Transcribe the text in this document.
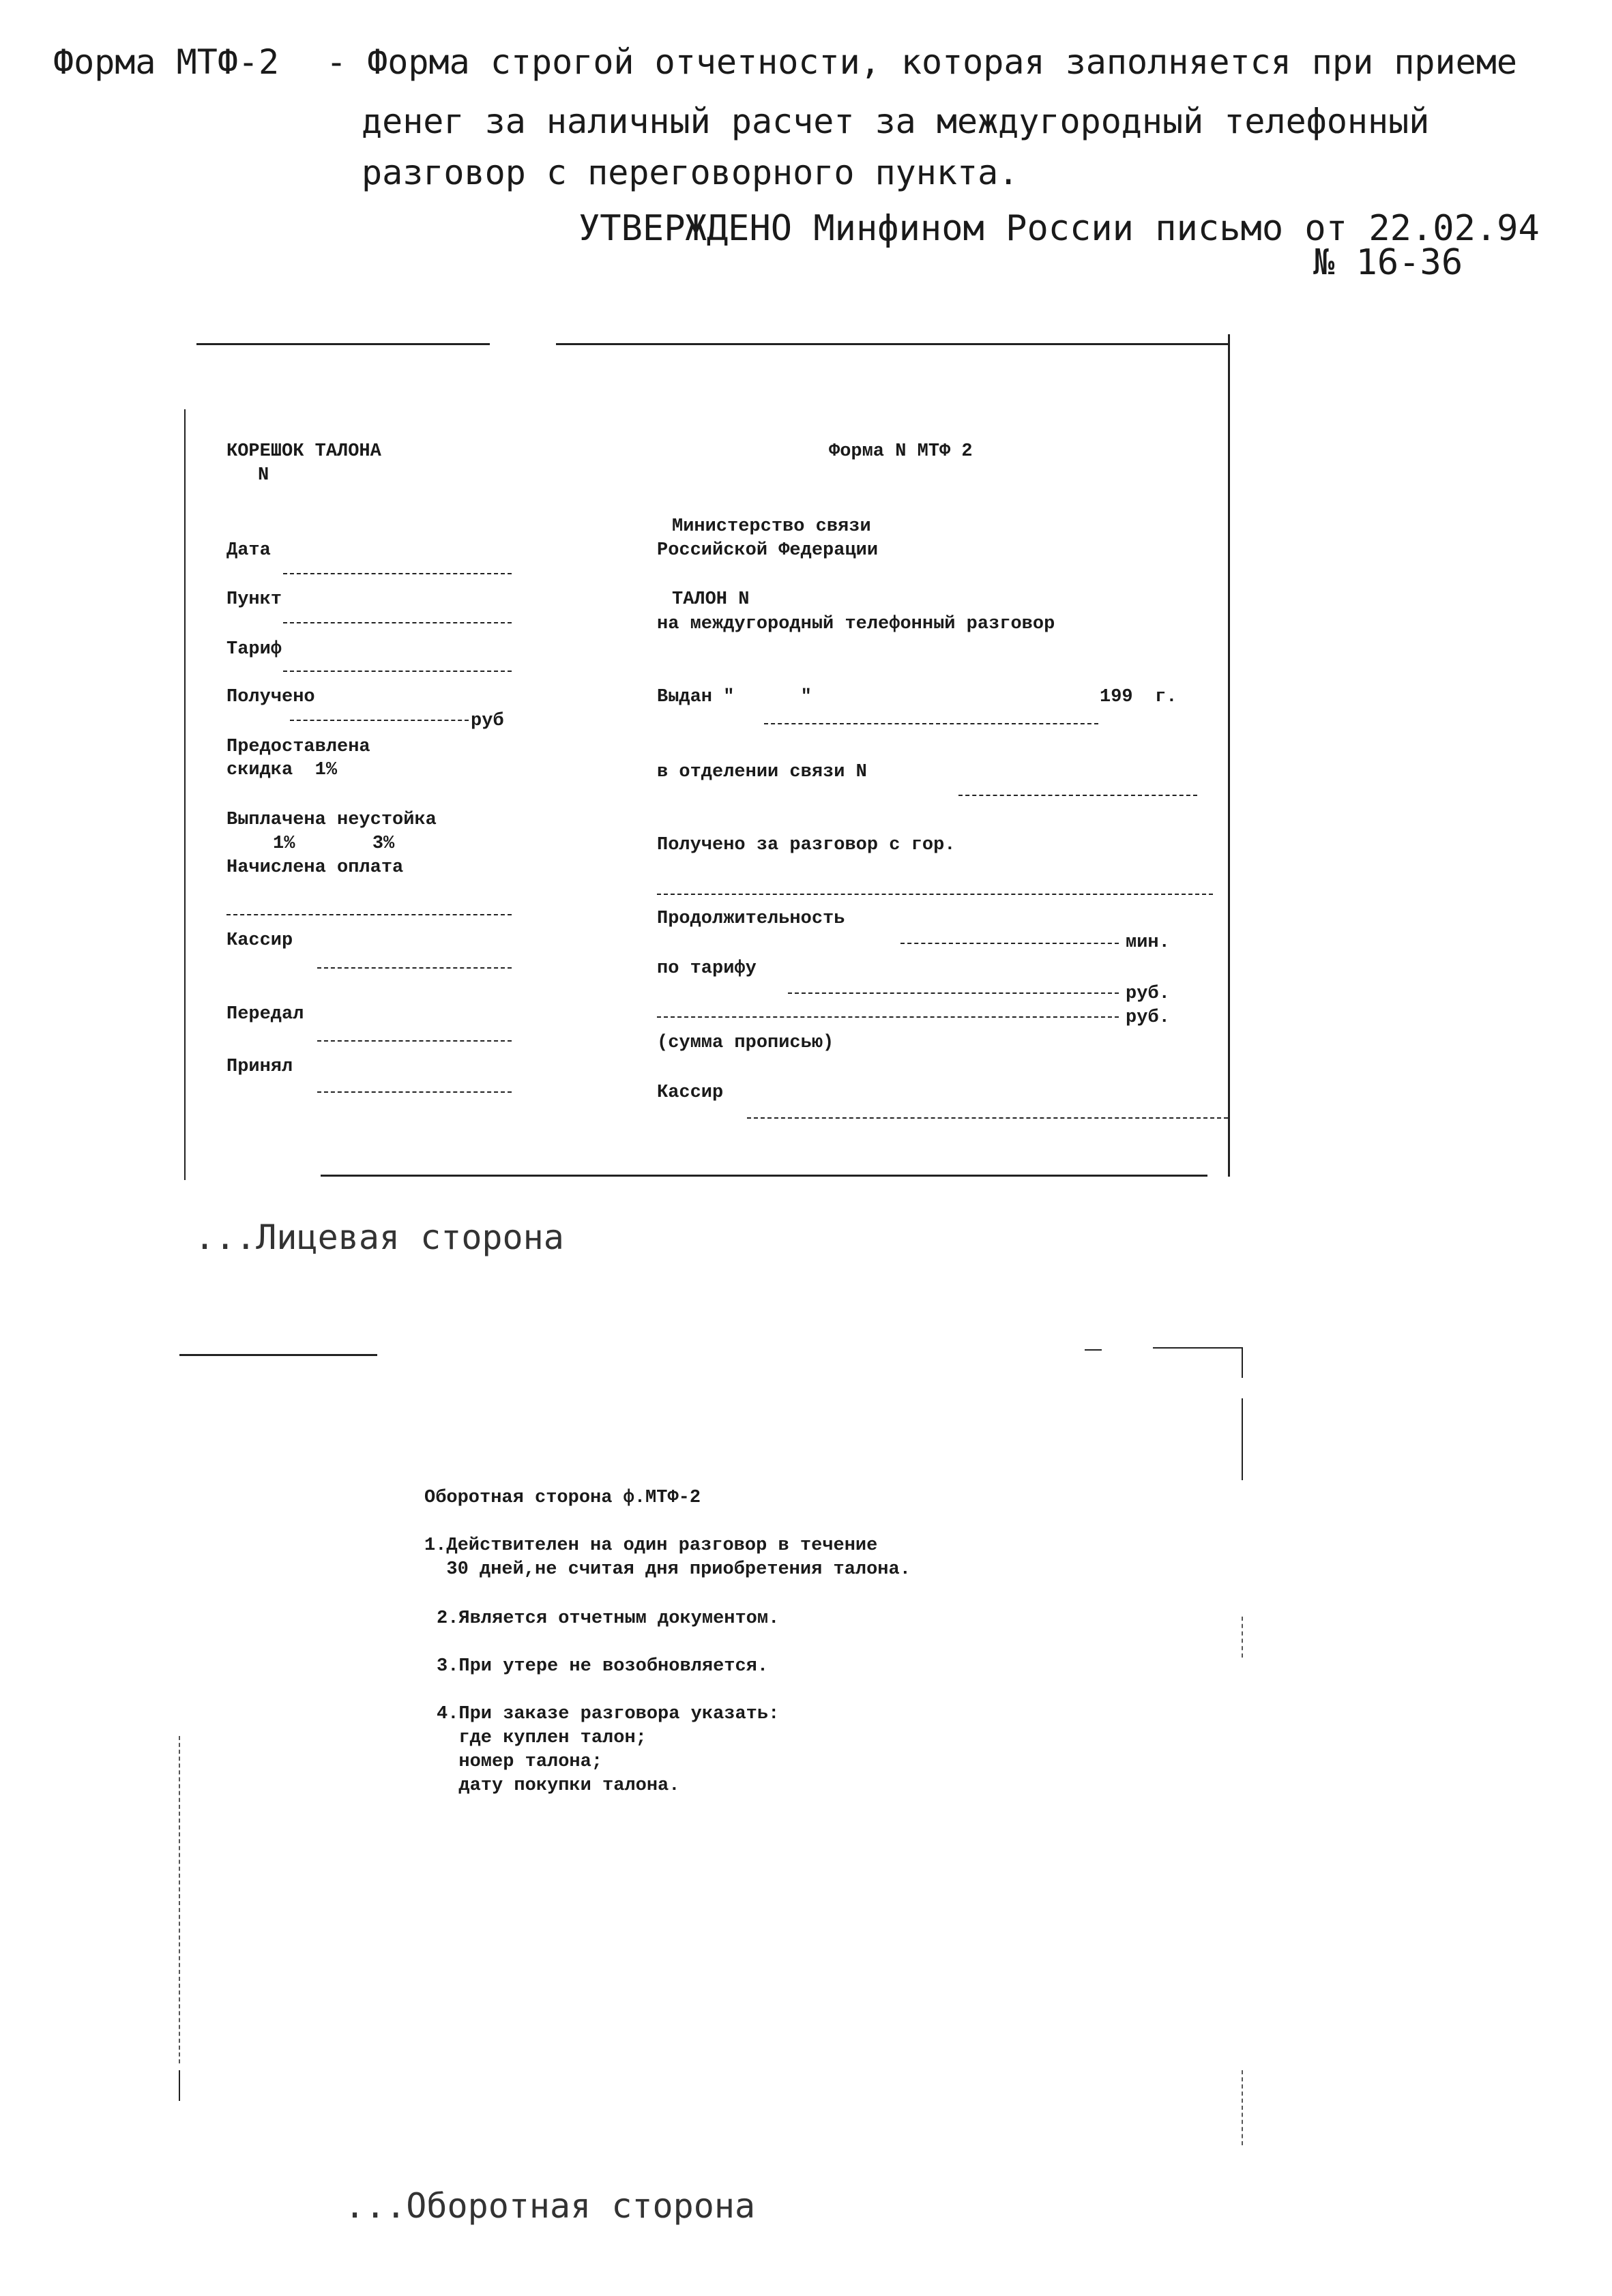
Форма МТФ-2 - Форма строгой отчетности, которая заполняется при приеме
денег за наличный расчет за междугородный телефонный
разговор с переговорного пункта.
УТВЕРЖДЕНО Минфином России письмо от 22.02.94
№ 16-36
КОРЕШОК ТАЛОНА
N
Дата
Пункт
Тариф
Получено
руб
Предоставлена
скидка  1%
Выплачена неустойка
1%       3%
Начислена оплата
Кассир
Передал
Принял
Форма N МТФ 2
Министерство связи
Российской Федерации
ТАЛОН N
на междугородный телефонный разговор
Выдан "      "	199  г.
в отделении связи N
Получено за разговор с гор.
Продолжительность
мин.
по тарифу
руб.
руб.
(сумма прописью)
Кассир
...Лицевая сторона
Оборотная сторона ф.МТФ-2
1.Действителен на один разговор в течение
30 дней,не считая дня приобретения талона.
2.Является отчетным документом.
3.При утере не возобновляется.
4.При заказе разговора указать:
где куплен талон;
номер талона;
дату покупки талона.
...Оборотная сторона
